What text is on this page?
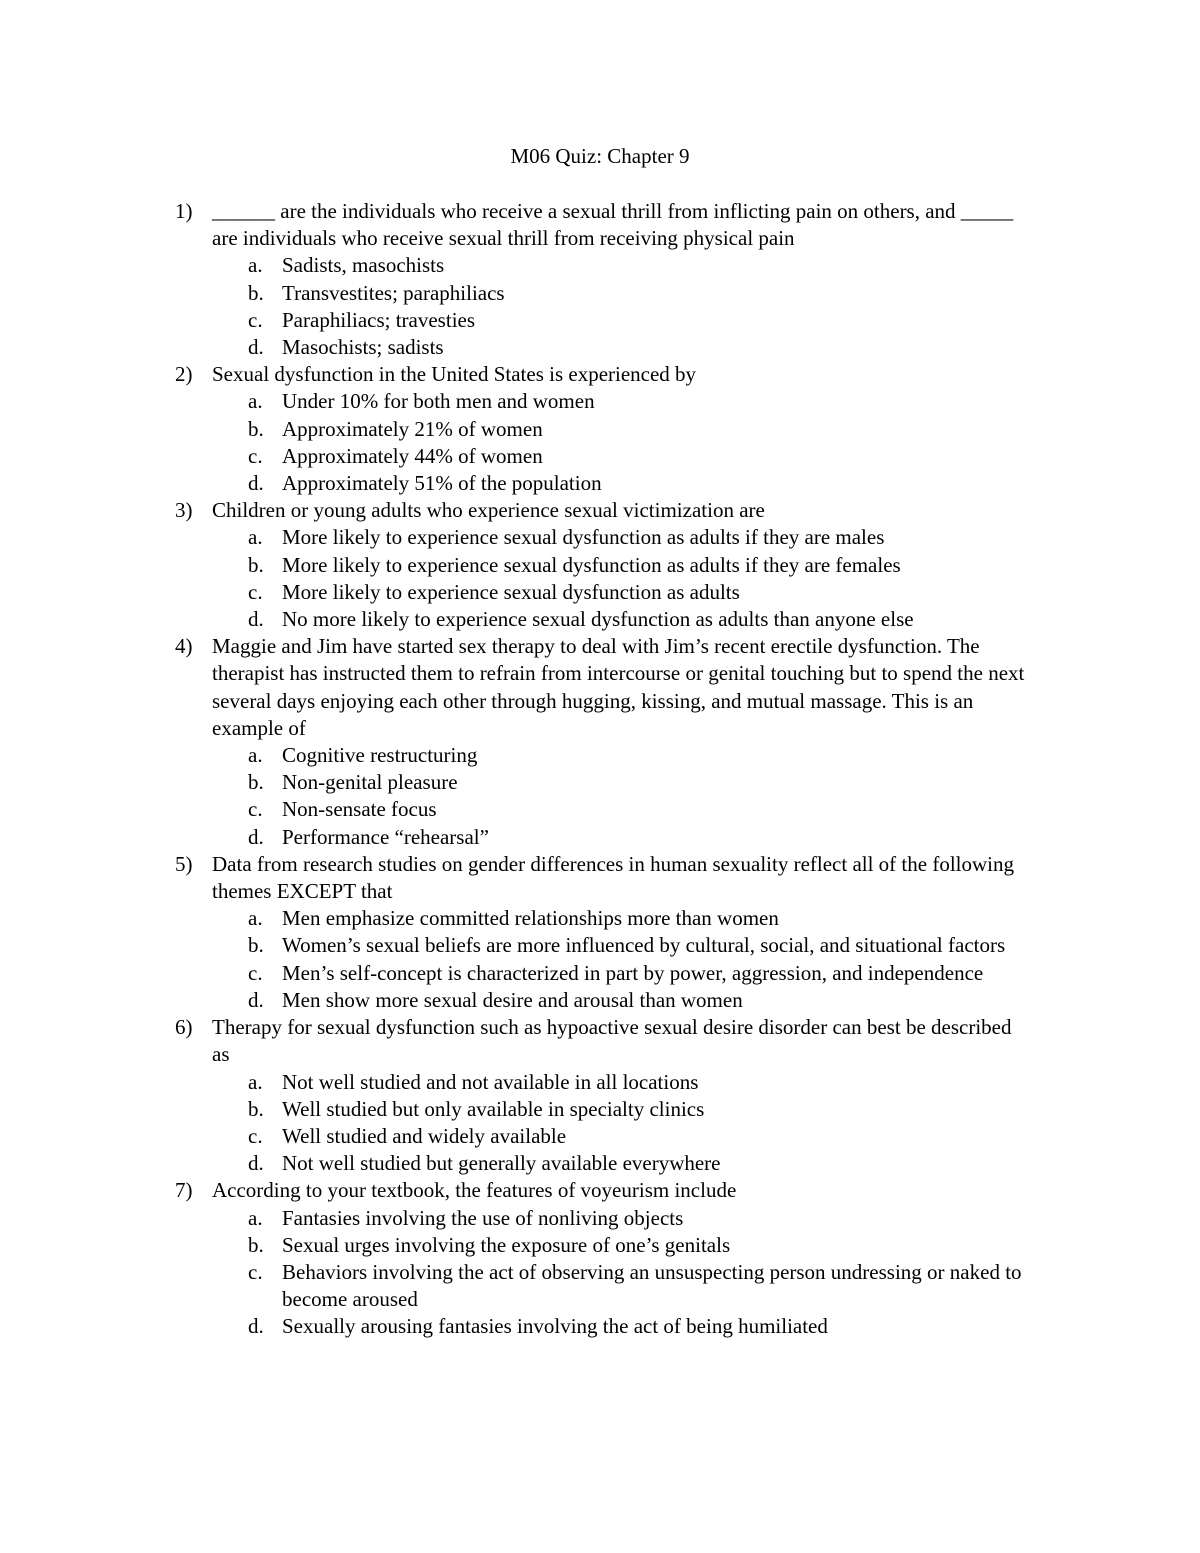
M06 Quiz: Chapter 9
1) ______ are the individuals who receive a sexual thrill from inflicting pain on others, and _____ are individuals who receive sexual thrill from receiving physical pain
a. Sadists, masochists
b. Transvestites; paraphiliacs
c. Paraphiliacs; travesties
d. Masochists; sadists
2) Sexual dysfunction in the United States is experienced by
a. Under 10% for both men and women
b. Approximately 21% of women
c. Approximately 44% of women
d. Approximately 51% of the population
3) Children or young adults who experience sexual victimization are
a. More likely to experience sexual dysfunction as adults if they are males
b. More likely to experience sexual dysfunction as adults if they are females
c. More likely to experience sexual dysfunction as adults
d. No more likely to experience sexual dysfunction as adults than anyone else
4) Maggie and Jim have started sex therapy to deal with Jim’s recent erectile dysfunction. The therapist has instructed them to refrain from intercourse or genital touching but to spend the next several days enjoying each other through hugging, kissing, and mutual massage. This is an example of
a. Cognitive restructuring
b. Non-genital pleasure
c. Non-sensate focus
d. Performance “rehearsal”
5) Data from research studies on gender differences in human sexuality reflect all of the following themes EXCEPT that
a. Men emphasize committed relationships more than women
b. Women’s sexual beliefs are more influenced by cultural, social, and situational factors
c. Men’s self-concept is characterized in part by power, aggression, and independence
d. Men show more sexual desire and arousal than women
6) Therapy for sexual dysfunction such as hypoactive sexual desire disorder can best be described as
a. Not well studied and not available in all locations
b. Well studied but only available in specialty clinics
c. Well studied and widely available
d. Not well studied but generally available everywhere
7) According to your textbook, the features of voyeurism include
a. Fantasies involving the use of nonliving objects
b. Sexual urges involving the exposure of one’s genitals
c. Behaviors involving the act of observing an unsuspecting person undressing or naked to become aroused
d. Sexually arousing fantasies involving the act of being humiliated
